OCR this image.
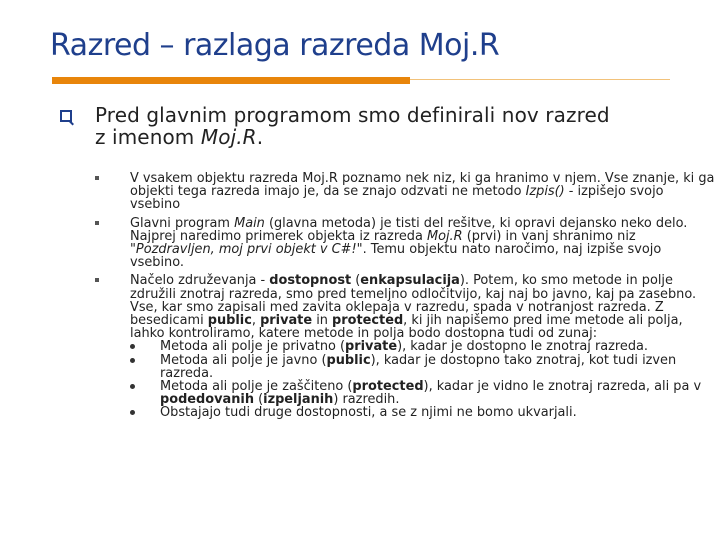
Razred – razlaga razreda Moj.R
Pred glavnim programom smo definirali nov razred
z imenom Moj.R.
V vsakem objektu razreda Moj.R poznamo nek niz, ki ga hranimo v njem. Vse znanje, ki ga objekti tega razreda imajo je, da se znajo odzvati ne metodo Izpis() - izpišejo svojo vsebino
Glavni program Main (glavna metoda) je tisti del rešitve, ki opravi dejansko neko delo. Najprej naredimo primerek objekta iz razreda Moj.R (prvi) in vanj shranimo niz "Pozdravljen, moj prvi objekt v C#!". Temu objektu nato naročimo, naj izpiše svojo vsebino.
Načelo združevanja - dostopnost (enkapsulacija). Potem, ko smo metode in polje združili znotraj razreda, smo pred temeljno odločitvijo, kaj naj bo javno, kaj pa zasebno. Vse, kar smo zapisali med zavita oklepaja v razredu, spada v notranjost razreda. Z besedicami public, private in protected, ki jih napišemo pred ime metode ali polja, lahko kontroliramo, katere metode in polja bodo dostopna tudi od zunaj:
Metoda ali polje je privatno (private), kadar je dostopno le znotraj razreda.
Metoda ali polje je javno (public), kadar je dostopno tako znotraj, kot tudi izven razreda.
Metoda ali polje je zaščiteno (protected), kadar je vidno le znotraj razreda, ali pa v podedovanih (izpeljanih) razredih.
Obstajajo tudi druge dostopnosti, a se z njimi ne bomo ukvarjali.
